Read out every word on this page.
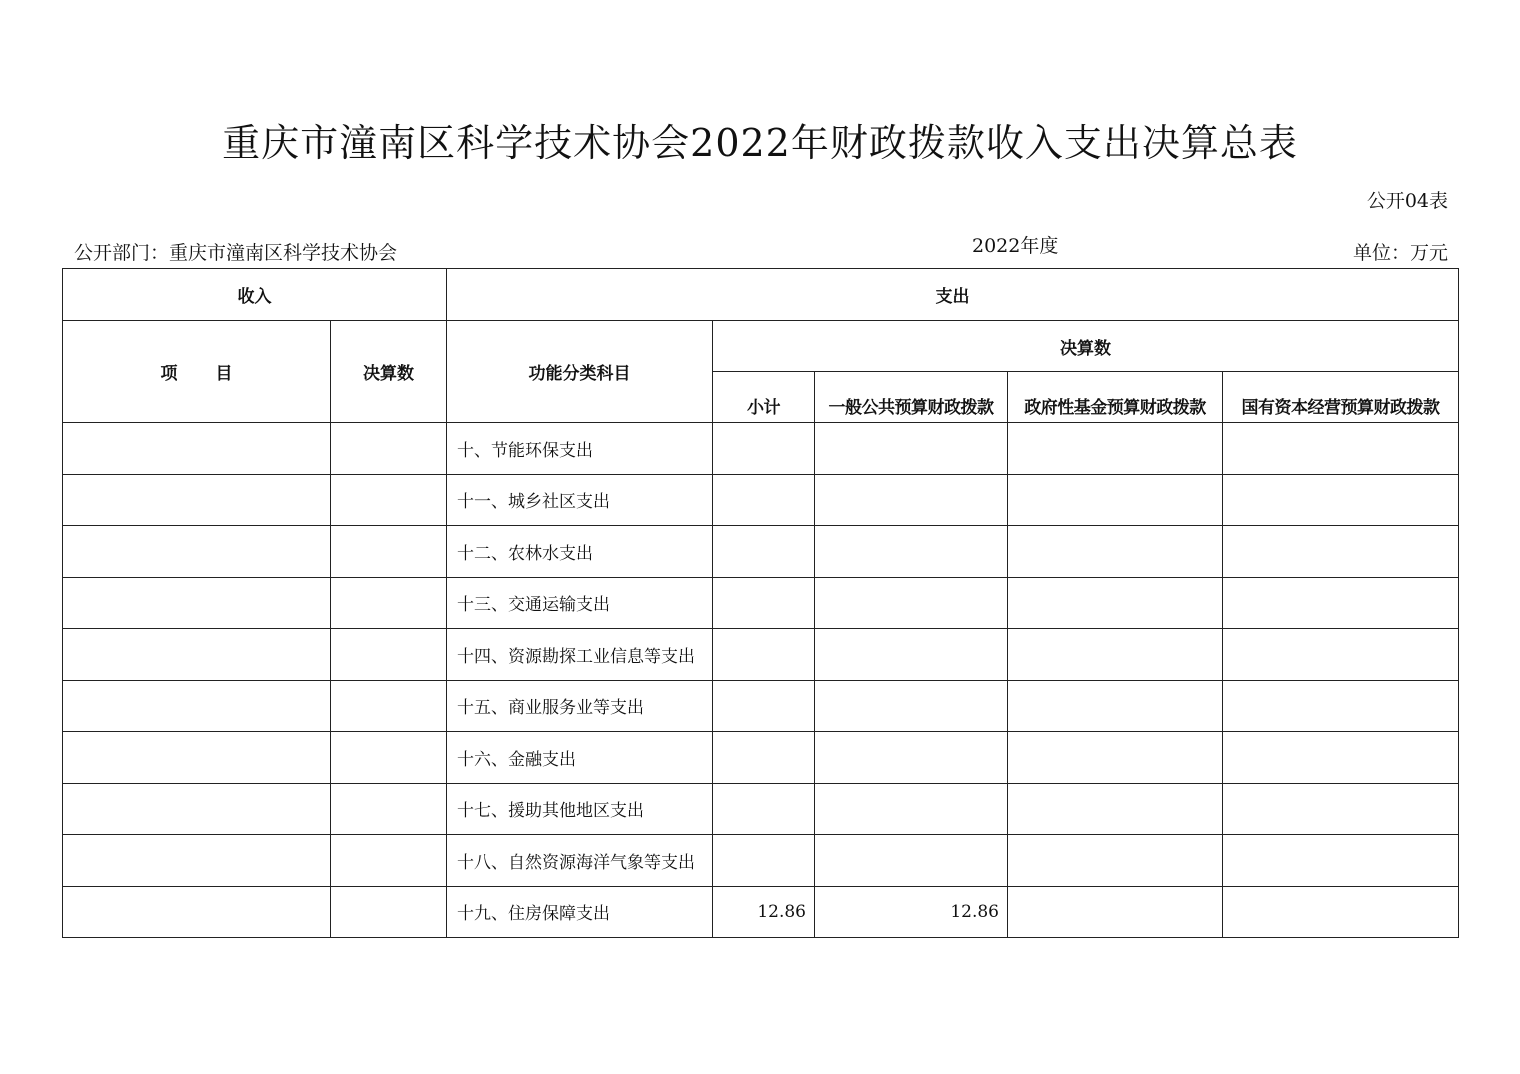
重庆市潼南区科学技术协会2022年财政拨款收入支出决算总表
公开04表
公开部门：重庆市潼南区科学技术协会	2022年度	单位：万元
收入		支出				
项目	决算数	功能分类科目	决算数			
			小计	一般公共预算财政拨款	政府性基金预算财政拨款	国有资本经营预算财政拨款
		十、节能环保支出				
		十一、城乡社区支出				
		十二、农林水支出				
		十三、交通运输支出				
		十四、资源勘探工业信息等支出				
		十五、商业服务业等支出				
		十六、金融支出				
		十七、援助其他地区支出				
		十八、自然资源海洋气象等支出				
		十九、住房保障支出	12.86	12.86		
